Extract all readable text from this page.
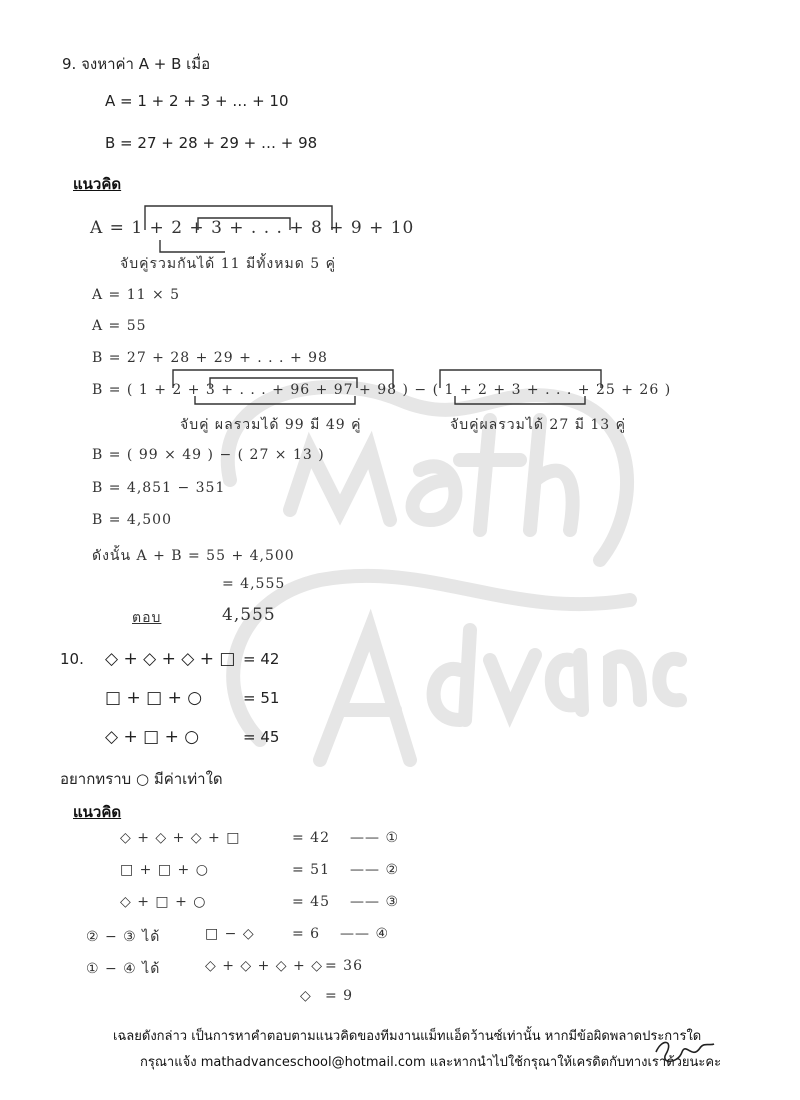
9. จงหาค่า A + B เมื่อ
A = 1 + 2 + 3 + … + 10
B = 27 + 28 + 29 + … + 98
แนวคิด
A = 1 + 2 + 3 + . . . + 8 + 9 + 10
จับคู่รวมกันได้ 11 มีทั้งหมด 5 คู่
A = 11 × 5
A = 55
B = 27 + 28 + 29 + . . . + 98
B = ( 1 + 2 + 3 + . . . + 96 + 97 + 98 ) − ( 1 + 2 + 3 + . . . + 25 + 26 )
จับคู่ ผลรวมได้ 99 มี 49 คู่	จับคู่ผลรวมได้ 27 มี 13 คู่
B = ( 99 × 49 ) − ( 27 × 13 )
B = 4,851 − 351
B = 4,500
ดังนั้น A + B = 55 + 4,500
= 4,555
ตอบ	4,555
10. ◇ + ◇ + ◇ + □ = 42
□ + □ + ○	= 51
◇ + □ + ○	= 45
อยากทราบ ○ มีค่าเท่าใด
แนวคิด
◇ + ◇ + ◇ + □	= 42 —— ①
□ + □ + ○	= 51 —— ②
◇ + □ + ○	= 45 —— ③
② − ③ ได้	□ − ◇	= 6 —— ④
① − ④ ได้	◇ + ◇ + ◇ + ◇ = 36
◇ = 9
เฉลยดังกล่าว เป็นการหาคำตอบตามแนวคิดของทีมงานแม็ทแอ็ดว้านซ์เท่านั้น หากมีข้อผิดพลาดประการใด
กรุณาแจ้ง mathadvanceschool@hotmail.com และหากนำไปใช้กรุณาให้เครดิตกับทางเราด้วยนะคะ
